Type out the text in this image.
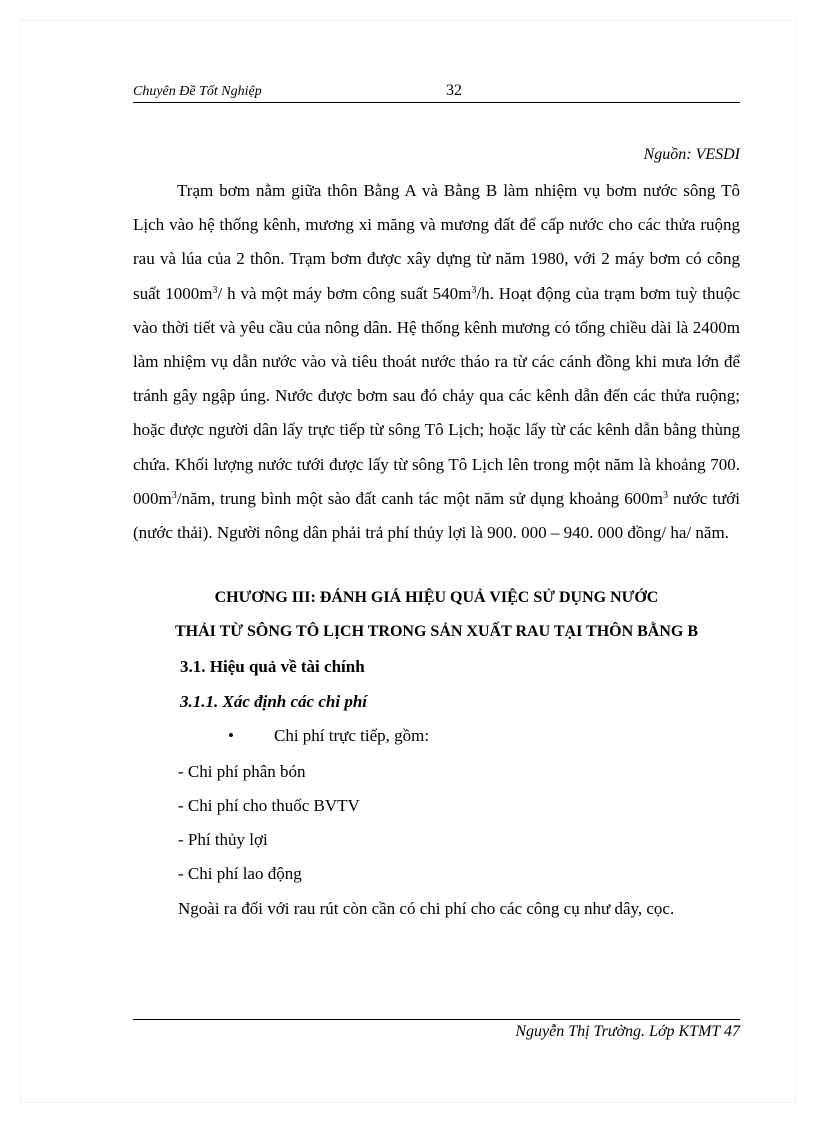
Chuyên Đề Tốt Nghiệp	32
Nguồn: VESDI

Trạm bơm nằm giữa thôn Bằng A và Bằng B làm nhiệm vụ bơm nước sông Tô Lịch vào hệ thống kênh, mương xi măng và mương đất để cấp nước cho các thửa ruộng rau và lúa của 2 thôn. Trạm bơm được xây dựng từ năm 1980, với 2 máy bơm có công suất $1000m^3/$ h và một máy bơm công suất $540m^3/h$. Hoạt động của trạm bơm tuỳ thuộc vào thời tiết và yêu cầu của nông dân. Hệ thống kênh mương có tổng chiều dài là 2400m làm nhiệm vụ dẫn nước vào và tiêu thoát nước tháo ra từ các cánh đồng khi mưa lớn để tránh gây ngập úng. Nước được bơm sau đó chảy qua các kênh dẫn đến các thửa ruộng; hoặc được người dân lấy trực tiếp từ sông Tô Lịch; hoặc lấy từ các kênh dẫn bằng thùng chứa. Khối lượng nước tưới được lấy từ sông Tô Lịch lên trong một năm là khoảng 700. $000m^3$/năm, trung bình một sào đất canh tác một năm sử dụng khoảng $600m^3$ nước tưới (nước thải). Người nông dân phải trả phí thủy lợi là 900. 000 – 940. 000 đồng/ ha/ năm.

CHƯƠNG III: ĐÁNH GIÁ HIỆU QUẢ VIỆC SỬ DỤNG NƯỚC

THẢI TỪ SÔNG TÔ LỊCH TRONG SẢN XUẤT RAU TẠI THÔN BẰNG B

3.1. Hiệu quả về tài chính

3.1.1. Xác định các chi phí

• Chi phí trực tiếp, gồm:
- Chi phí phân bón
- Chi phí cho thuốc BVTV
- Phí thủy lợi
- Chi phí lao động
Ngoài ra đối với rau rút còn cần có chi phí cho các công cụ như dây, cọc.
Nguyễn Thị Trường. Lớp KTMT 47
